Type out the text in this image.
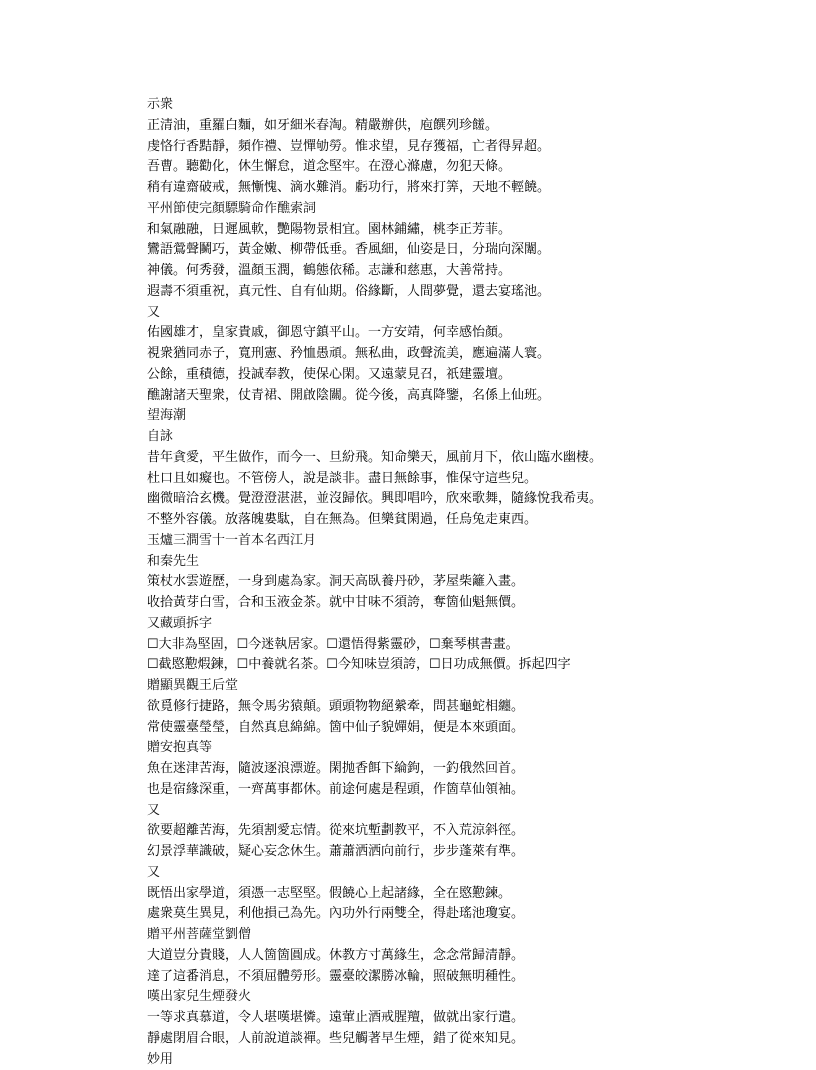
示衆
正清油，重羅白麵，如牙細米春淘。精嚴辦供，庖饌列珍饈。
虔恪行香黠靜，頻作禮、豈憚劬勞。惟求望，見存獲福，亡者得昇超。
吾曹。聽勸化，休生懈怠，道念堅牢。在澄心滌慮，勿犯天條。
稍有違齋破戒，無慚愧、滴水難消。虧功行，將來打筭，天地不輕饒。
平州節使完顏驃騎命作醮索詞
和氣融融，日遲風軟，艷陽物景相宜。園林鋪繡，桃李正芳菲。
鸞語鶯聲鬭巧，黃金嫩、柳帶低垂。香風細，仙姿是日，分瑞向深闈。
神儀。何秀發，溫顏玉潤，鶴態依稀。志謙和慈惠，大善常持。
遐壽不須重祝，真元性、自有仙期。俗緣斷，人間夢覺，還去宴瑤池。
又
佑國雄才，皇家貴戚，御恩守鎮平山。一方安靖，何幸感怡顏。
視衆猶同赤子，寬刑憲、矜恤愚頑。無私曲，政聲流美，應遍滿人寰。
公餘，重積德，投誠奉教，使保心閑。又遠蒙見召，祇建靈壇。
醮謝諸天聖衆，仗青裙、開啟陰關。從今後，高真降鑒，名係上仙班。
望海潮
自詠
昔年貪愛，平生做作，而今一、旦紛飛。知命樂天，風前月下，依山臨水幽棲。
杜口且如癡也。不管傍人，說是談非。盡日無餘事，惟保守這些兒。
幽微暗洽玄機。覺澄澄湛湛，並沒歸依。興即唱吟，欣來歌舞，隨緣悅我希夷。
不整外容儀。放落魄婁駄，自在無為。但樂貧閑過，任烏兔走東西。
玉爐三澗雪十一首本名西江月
和秦先生
策杖水雲遊歷，一身到處為家。洞天高臥養丹砂，茅屋柴籬入畫。
收拾黃芽白雪，合和玉液金茶。就中甘味不須誇，奪箇仙魁無價。
又藏頭拆字
☐大非為堅固，☐今迷執居家。☐還悟得紫靈砂，☐棄琴棋書畫。
☐截愍懃煆鍊，☐中養就名茶。☐今知味豈須誇，☐日功成無價。拆起四字
贈顯異觀王后堂
欲覓修行捷路，無令馬劣猿顛。頭頭物物絕縈牽，問甚龜蛇相纏。
常使靈臺瑩瑩，自然真息綿綿。箇中仙子貌嬋娟，便是本來頭面。
贈安抱真等
魚在迷津苦海，隨波逐浪漂遊。閑抛香餌下綸鉤，一釣俄然回首。
也是宿緣深重，一齊萬事都休。前途何處是程頭，作箇草仙領袖。
又
欲要超離苦海，先須割愛忘情。從來坑塹劃教平，不入荒涼斜徑。
幻景浮華識破，疑心妄念休生。蕭蕭洒洒向前行，步步蓬萊有準。
又
既悟出家學道，須憑一志堅堅。假饒心上起諸緣，全在愍懃鍊。
處衆莫生異見，利他損己為先。內功外行兩雙全，得赴瑤池瓊宴。
贈平州菩薩堂劉僧
大道豈分貴賤，人人箇箇圓成。休教方寸萬緣生，念念常歸清靜。
達了這番消息，不須屈體勞形。靈臺皎潔勝冰輪，照破無明種性。
嘆出家兒生煙發火
一等求真慕道，令人堪嘆堪憐。遠葷止酒戒腥羶，做就出家行遣。
靜處閉眉合眼，人前說道談禪。些兒觸著早生煙，錯了從來知見。
妙用
